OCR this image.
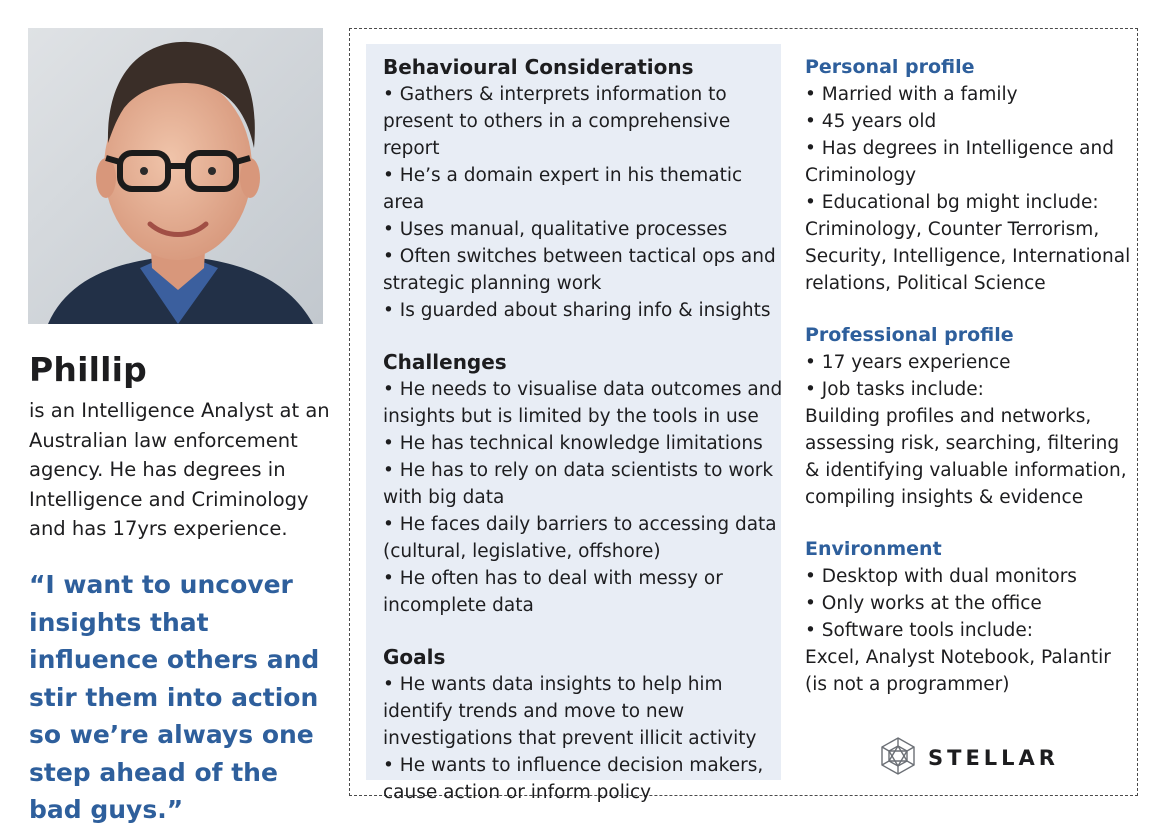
Phillip
is an Intelligence Analyst at an Australian law enforcement agency. He has degrees in Intelligence and Criminology and has 17yrs experience.
“I want to uncover insights that influence others and stir them into action so we’re always one step ahead of the bad guys.”
Behavioural Considerations
• Gathers & interprets information to present to others in a comprehensive report
• He’s a domain expert in his thematic area
• Uses manual, qualitative processes
• Often switches between tactical ops and strategic planning work
• Is guarded about sharing info & insights
Challenges
• He needs to visualise data outcomes and insights but is limited by the tools in use
• He has technical knowledge limitations
• He has to rely on data scientists to work with big data
• He faces daily barriers to accessing data (cultural, legislative, offshore)
• He often has to deal with messy or incomplete data
Goals
• He wants data insights to help him identify trends and move to new investigations that prevent illicit activity
• He wants to influence decision makers, cause action or inform policy
Personal profile
• Married with a family
• 45 years old
• Has degrees in Intelligence and Criminology
• Educational bg might include:
Criminology, Counter Terrorism, Security, Intelligence, International relations, Political Science
Professional profile
• 17 years experience
• Job tasks include:
Building profiles and networks, assessing risk, searching, filtering & identifying valuable information, compiling insights & evidence
Environment
• Desktop with dual monitors
• Only works at the office
• Software tools include:
Excel, Analyst Notebook, Palantir (is not a programmer)
STELLAR
